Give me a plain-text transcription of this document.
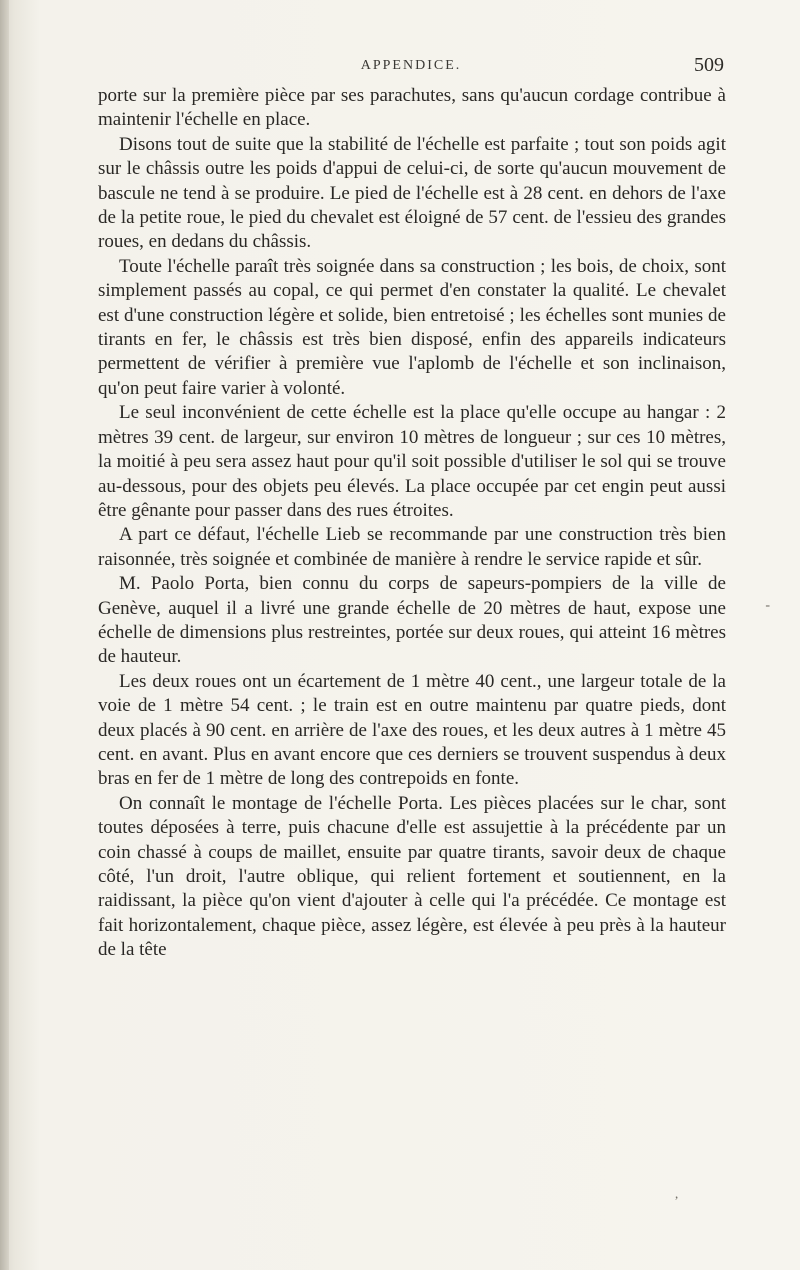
APPENDICE.	509

porte sur la première pièce par ses parachutes, sans qu'aucun cordage contribue à maintenir l'échelle en place.

Disons tout de suite que la stabilité de l'échelle est parfaite ; tout son poids agit sur le châssis outre les poids d'appui de celui-ci, de sorte qu'aucun mouvement de bascule ne tend à se produire. Le pied de l'échelle est à 28 cent. en dehors de l'axe de la petite roue, le pied du chevalet est éloigné de 57 cent. de l'essieu des grandes roues, en dedans du châssis.

Toute l'échelle paraît très soignée dans sa construction ; les bois, de choix, sont simplement passés au copal, ce qui permet d'en constater la qualité. Le chevalet est d'une construction légère et solide, bien entretoisé ; les échelles sont munies de tirants en fer, le châssis est très bien disposé, enfin des appareils indicateurs permettent de vérifier à première vue l'aplomb de l'échelle et son inclinaison, qu'on peut faire varier à volonté.

Le seul inconvénient de cette échelle est la place qu'elle occupe au hangar : 2 mètres 39 cent. de largeur, sur environ 10 mètres de longueur ; sur ces 10 mètres, la moitié à peu sera assez haut pour qu'il soit possible d'utiliser le sol qui se trouve au-dessous, pour des objets peu élevés. La place occupée par cet engin peut aussi être gênante pour passer dans des rues étroites.

A part ce défaut, l'échelle Lieb se recommande par une construction très bien raisonnée, très soignée et combinée de manière à rendre le service rapide et sûr.

M. Paolo Porta, bien connu du corps de sapeurs-pompiers de la ville de Genève, auquel il a livré une grande échelle de 20 mètres de haut, expose une échelle de dimensions plus restreintes, portée sur deux roues, qui atteint 16 mètres de hauteur.

Les deux roues ont un écartement de 1 mètre 40 cent., une largeur totale de la voie de 1 mètre 54 cent. ; le train est en outre maintenu par quatre pieds, dont deux placés à 90 cent. en arrière de l'axe des roues, et les deux autres à 1 mètre 45 cent. en avant. Plus en avant encore que ces derniers se trouvent suspendus à deux bras en fer de 1 mètre de long des contrepoids en fonte.

On connaît le montage de l'échelle Porta. Les pièces placées sur le char, sont toutes déposées à terre, puis chacune d'elle est assujettie à la précédente par un coin chassé à coups de maillet, ensuite par quatre tirants, savoir deux de chaque côté, l'un droit, l'autre oblique, qui relient fortement et soutiennent, en la raidissant, la pièce qu'on vient d'ajouter à celle qui l'a précédée. Ce montage est fait horizontalement, chaque pièce, assez légère, est élevée à peu près à la hauteur de la tête

-
,
